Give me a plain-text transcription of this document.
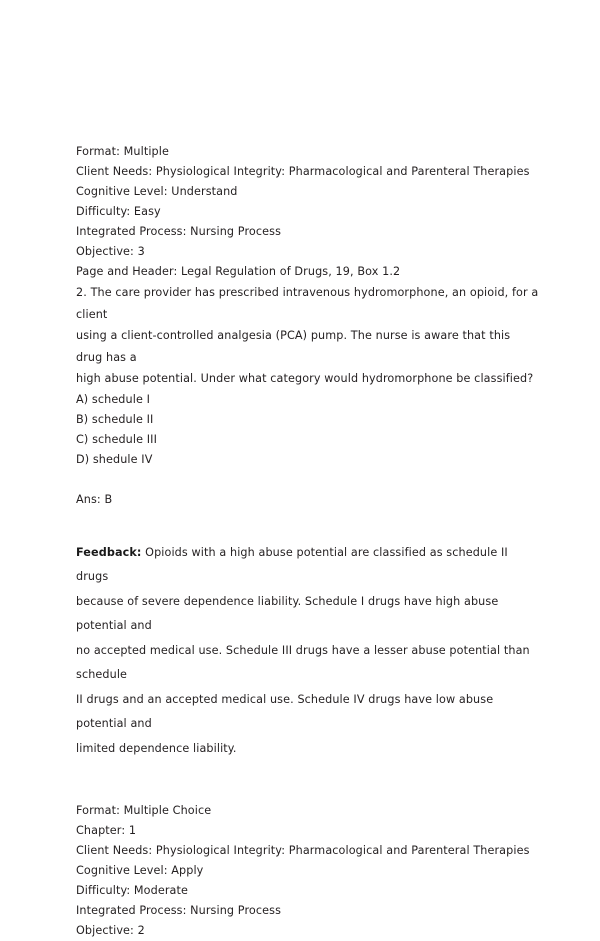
Format: Multiple
Client Needs: Physiological Integrity: Pharmacological and Parenteral Therapies
Cognitive Level: Understand
Difficulty: Easy
Integrated Process: Nursing Process
Objective: 3
Page and Header: Legal Regulation of Drugs, 19, Box 1.2
2. The care provider has prescribed intravenous hydromorphone, an opioid, for a client
using a client-controlled analgesia (PCA) pump. The nurse is aware that this drug has a
high abuse potential. Under what category would hydromorphone be classified?
A) schedule I
B) schedule II
C) schedule III
D) shedule IV
Ans: B
Feedback: Opioids with a high abuse potential are classified as schedule II drugs
because of severe dependence liability. Schedule I drugs have high abuse potential and
no accepted medical use. Schedule III drugs have a lesser abuse potential than schedule
II drugs and an accepted medical use. Schedule IV drugs have low abuse potential and
limited dependence liability.
Format: Multiple Choice
Chapter: 1
Client Needs: Physiological Integrity: Pharmacological and Parenteral Therapies
Cognitive Level: Apply
Difficulty: Moderate
Integrated Process: Nursing Process
Objective: 2
